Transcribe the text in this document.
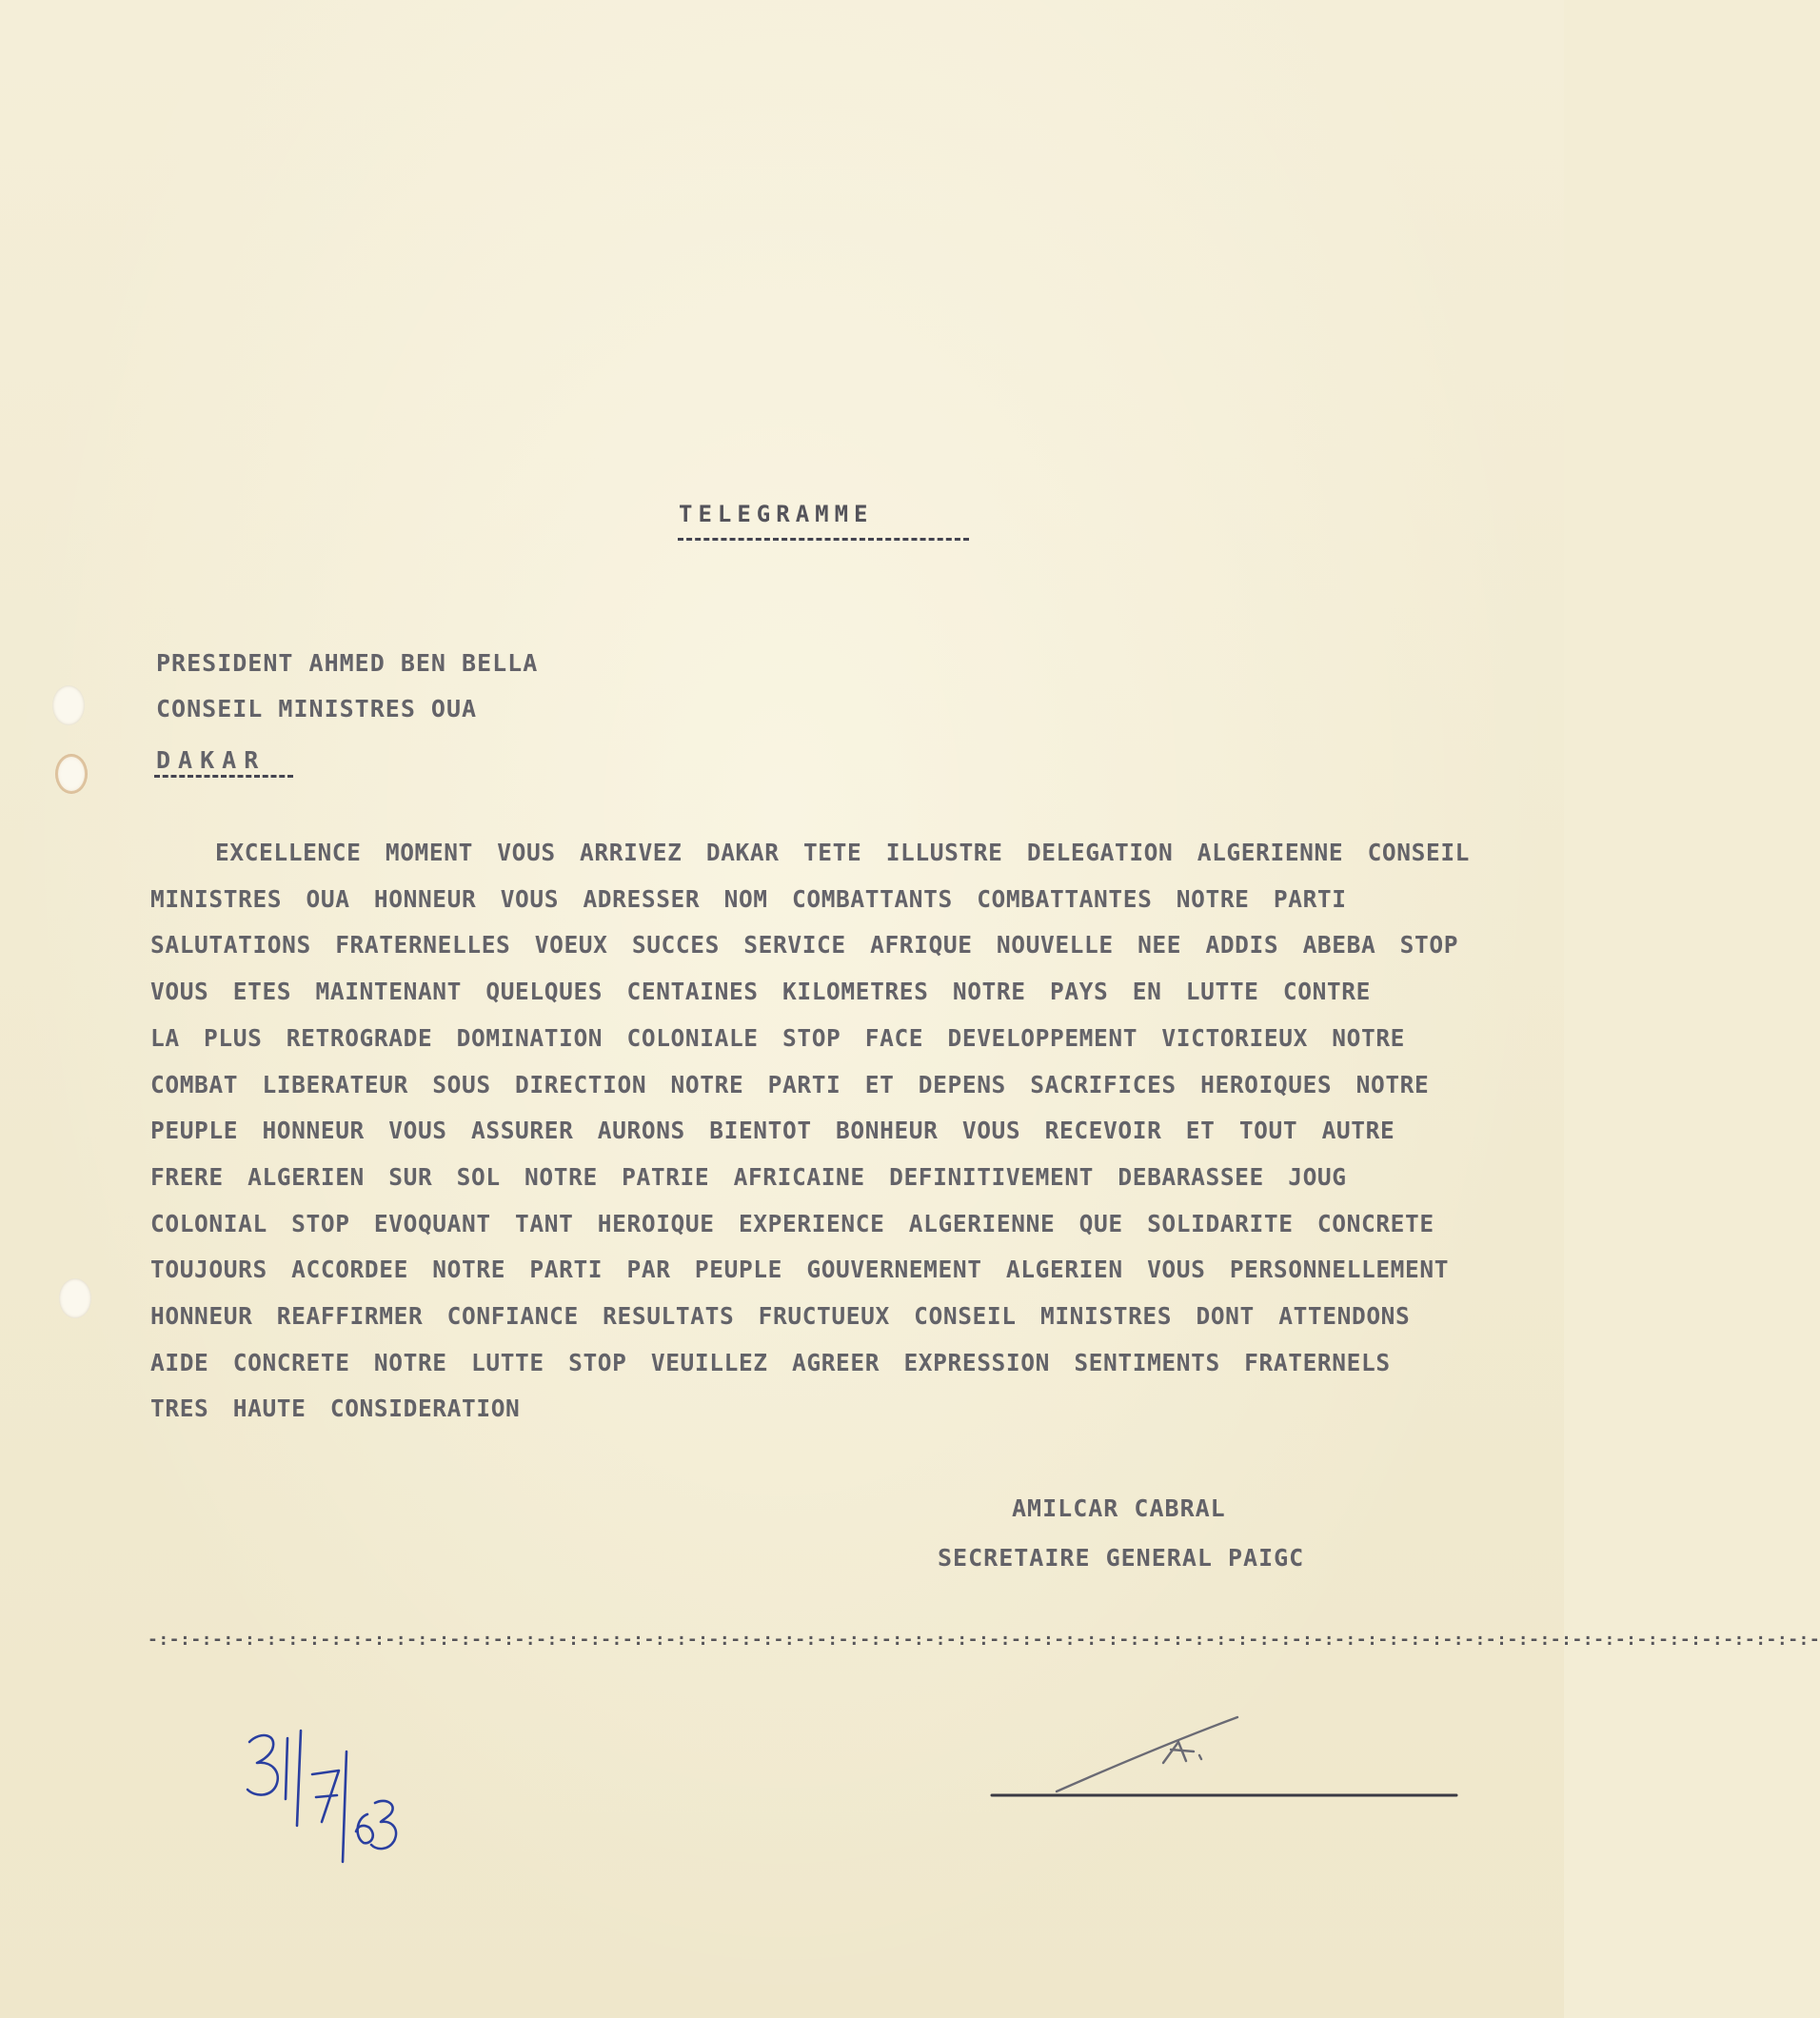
TELEGRAMME
PRESIDENT AHMED BEN BELLA
CONSEIL MINISTRES OUA
DAKAR
EXCELLENCE MOMENT VOUS ARRIVEZ DAKAR TETE ILLUSTRE DELEGATION ALGERIENNE CONSEIL
MINISTRES OUA HONNEUR VOUS ADRESSER NOM COMBATTANTS COMBATTANTES NOTRE PARTI
SALUTATIONS FRATERNELLES VOEUX SUCCES SERVICE AFRIQUE NOUVELLE NEE ADDIS ABEBA STOP
VOUS ETES MAINTENANT QUELQUES CENTAINES KILOMETRES NOTRE PAYS EN LUTTE CONTRE
LA PLUS RETROGRADE DOMINATION COLONIALE STOP FACE DEVELOPPEMENT VICTORIEUX NOTRE
COMBAT LIBERATEUR SOUS DIRECTION NOTRE PARTI ET DEPENS SACRIFICES HEROIQUES NOTRE
PEUPLE HONNEUR VOUS ASSURER AURONS BIENTOT BONHEUR VOUS RECEVOIR ET TOUT AUTRE
FRERE ALGERIEN SUR SOL NOTRE PATRIE AFRICAINE DEFINITIVEMENT DEBARASSEE JOUG
COLONIAL STOP EVOQUANT TANT HEROIQUE EXPERIENCE ALGERIENNE QUE SOLIDARITE CONCRETE
TOUJOURS ACCORDEE NOTRE PARTI PAR PEUPLE GOUVERNEMENT ALGERIEN VOUS PERSONNELLEMENT
HONNEUR REAFFIRMER CONFIANCE RESULTATS FRUCTUEUX CONSEIL MINISTRES DONT ATTENDONS
AIDE CONCRETE NOTRE LUTTE STOP VEUILLEZ AGREER EXPRESSION SENTIMENTS FRATERNELS
TRES HAUTE CONSIDERATION
AMILCAR CABRAL
SECRETAIRE GENERAL PAIGC
-:-:-:-:-:-:-:-:-:-:-:-:-:-:-:-:-:-:-:-:-:-:-:-:-:-:-:-:-:-:-:-:-:-:-:-:-:-:-:-:-:-:-:-:-:-:-:-:-:-:-:-:-:-:-:-:-:-:-:-:-:-:-:-:-:-:-:-:-:-:-:-:-:-:-:-:-:-
31/7/63
